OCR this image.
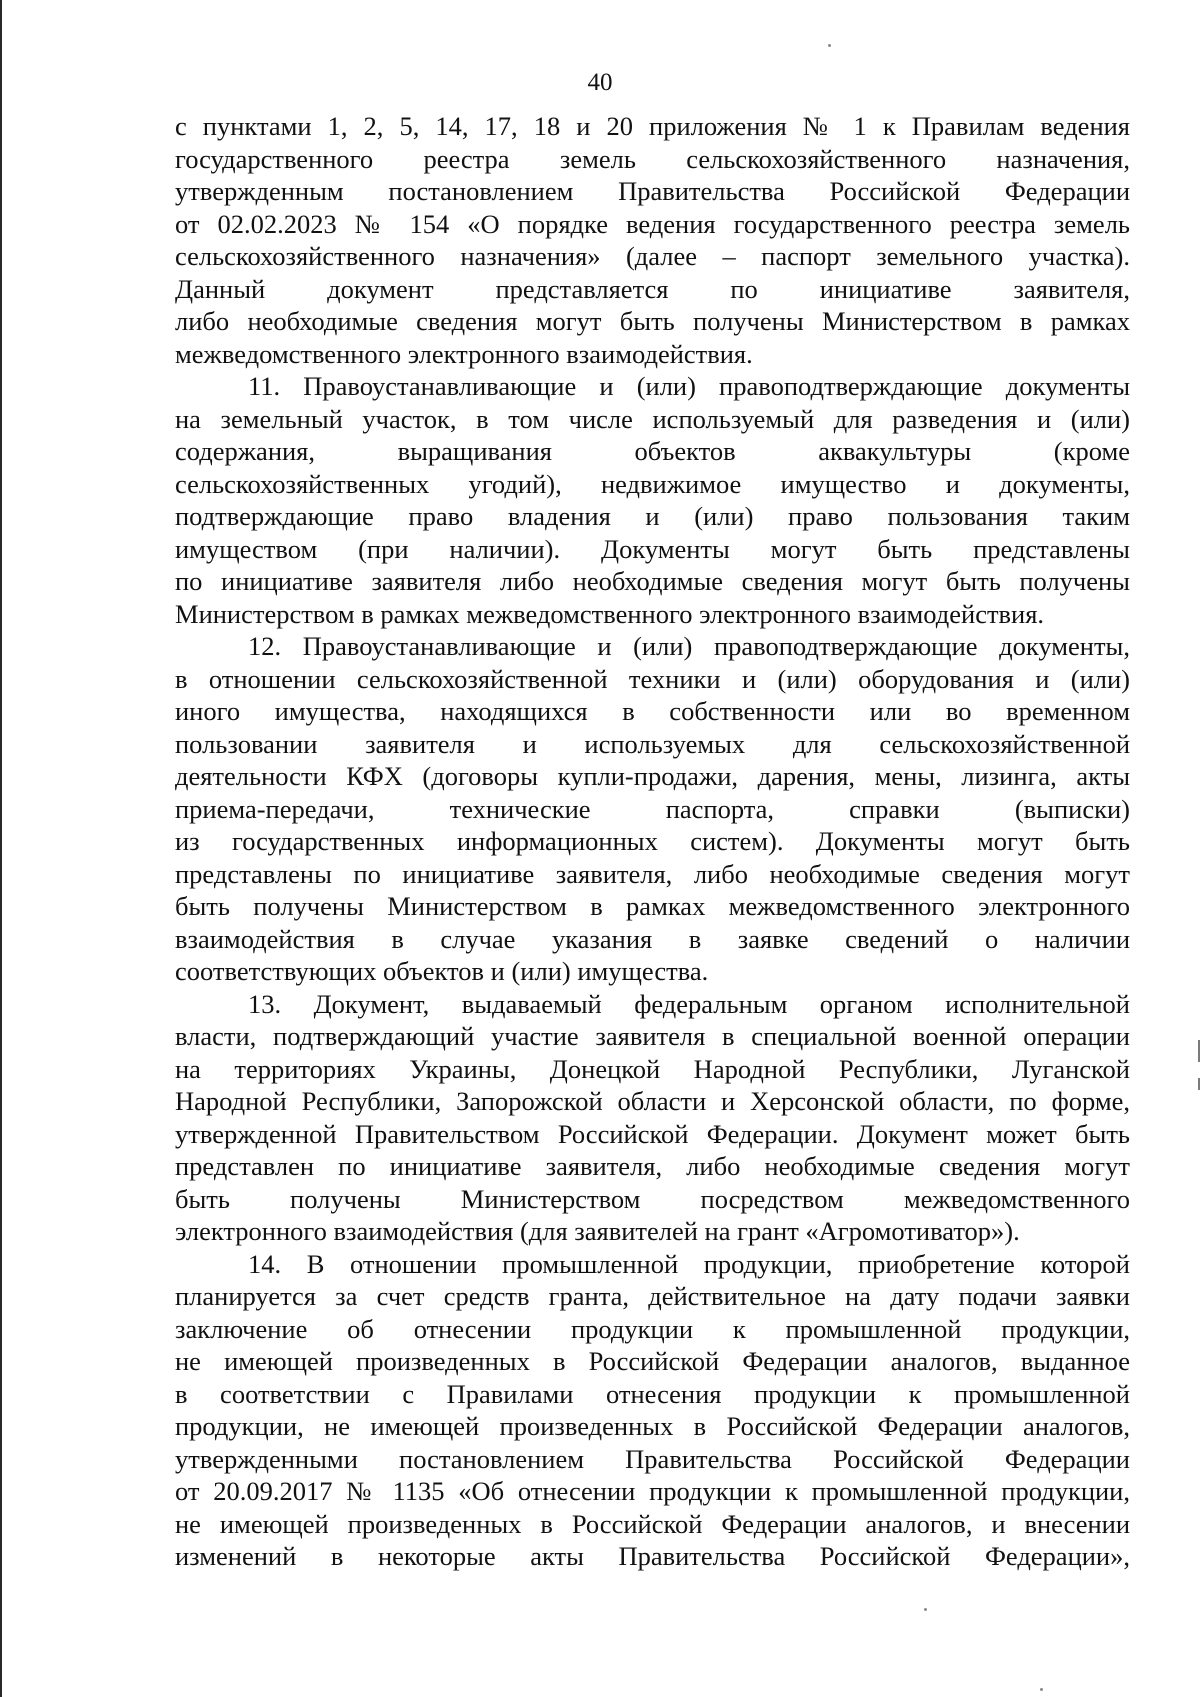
40

с пунктами 1, 2, 5, 14, 17, 18 и 20 приложения № 1 к Правилам ведения
государственного реестра земель сельскохозяйственного назначения,
утвержденным постановлением Правительства Российской Федерации
от 02.02.2023 № 154 «О порядке ведения государственного реестра земель
сельскохозяйственного назначения» (далее – паспорт земельного участка).
Данный документ представляется по инициативе заявителя,
либо необходимые сведения могут быть получены Министерством в рамках
межведомственного электронного взаимодействия.

11. Правоустанавливающие и (или) правоподтверждающие документы
на земельный участок, в том числе используемый для разведения и (или)
содержания, выращивания объектов аквакультуры (кроме
сельскохозяйственных угодий), недвижимое имущество и документы,
подтверждающие право владения и (или) право пользования таким
имуществом (при наличии). Документы могут быть представлены
по инициативе заявителя либо необходимые сведения могут быть получены
Министерством в рамках межведомственного электронного взаимодействия.

12. Правоустанавливающие и (или) правоподтверждающие документы,
в отношении сельскохозяйственной техники и (или) оборудования и (или)
иного имущества, находящихся в собственности или во временном
пользовании заявителя и используемых для сельскохозяйственной
деятельности КФХ (договоры купли-продажи, дарения, мены, лизинга, акты
приема-передачи, технические паспорта, справки (выписки)
из государственных информационных систем). Документы могут быть
представлены по инициативе заявителя, либо необходимые сведения могут
быть получены Министерством в рамках межведомственного электронного
взаимодействия в случае указания в заявке сведений о наличии
соответствующих объектов и (или) имущества.

13. Документ, выдаваемый федеральным органом исполнительной
власти, подтверждающий участие заявителя в специальной военной операции
на территориях Украины, Донецкой Народной Республики, Луганской
Народной Республики, Запорожской области и Херсонской области, по форме,
утвержденной Правительством Российской Федерации. Документ может быть
представлен по инициативе заявителя, либо необходимые сведения могут
быть получены Министерством посредством межведомственного
электронного взаимодействия (для заявителей на грант «Агромотиватор»).

14. В отношении промышленной продукции, приобретение которой
планируется за счет средств гранта, действительное на дату подачи заявки
заключение об отнесении продукции к промышленной продукции,
не имеющей произведенных в Российской Федерации аналогов, выданное
в соответствии с Правилами отнесения продукции к промышленной
продукции, не имеющей произведенных в Российской Федерации аналогов,
утвержденными постановлением Правительства Российской Федерации
от 20.09.2017 № 1135 «Об отнесении продукции к промышленной продукции,
не имеющей произведенных в Российской Федерации аналогов, и внесении
изменений в некоторые акты Правительства Российской Федерации»,
